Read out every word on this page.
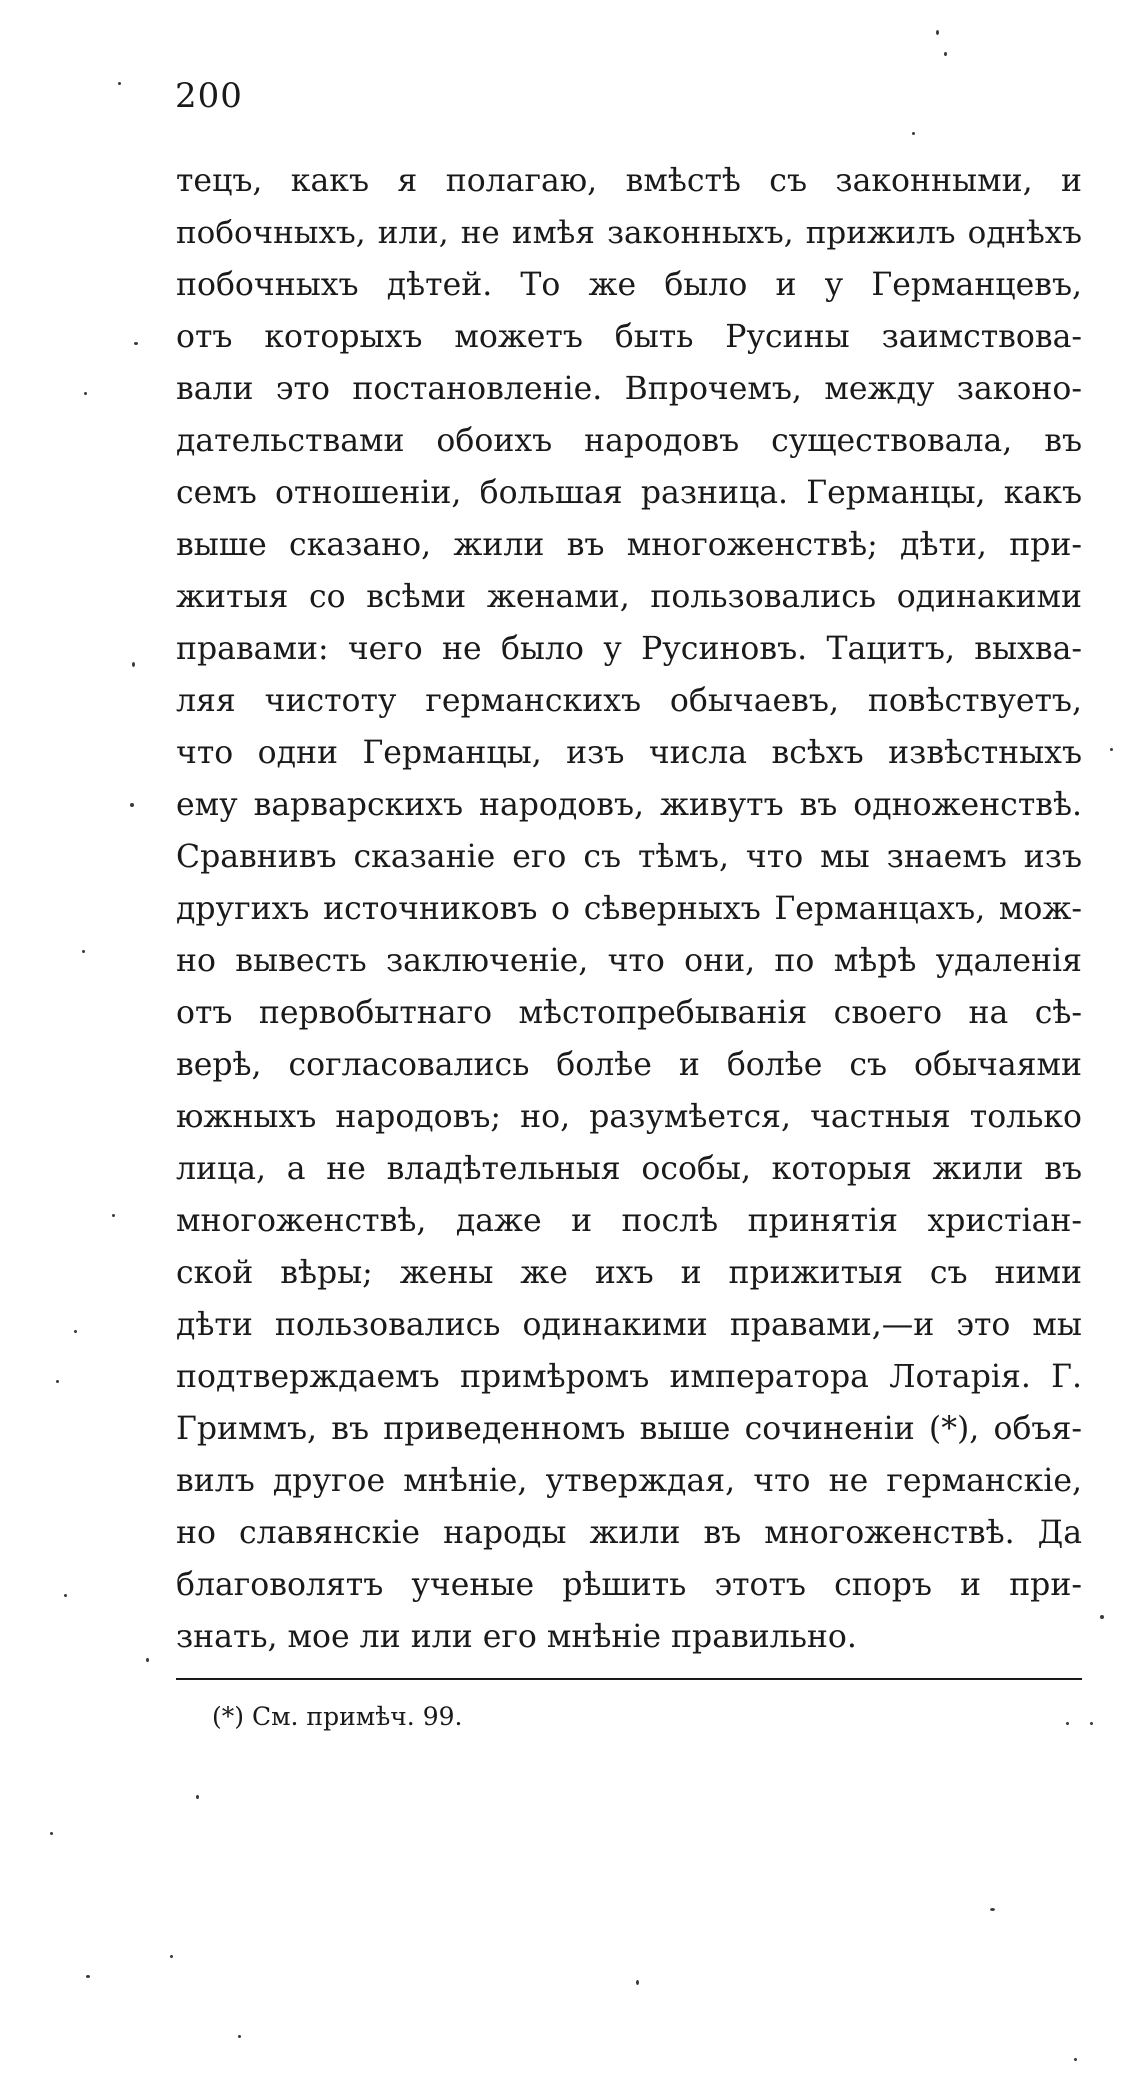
200
тецъ, какъ я полагаю, вмѣстѣ съ законными, и
побочныхъ, или, не имѣя законныхъ, прижилъ однѣхъ
побочныхъ дѣтей. То же было и у Германцевъ,
отъ которыхъ можетъ быть Русины заимствова-
вали это постановленіе. Впрочемъ, между законо-
дательствами обоихъ народовъ существовала, въ
семъ отношеніи, большая разница. Германцы, какъ
выше сказано, жили въ многоженствѣ; дѣти, при-
житыя со всѣми женами, пользовались одинакими
правами: чего не было у Русиновъ. Тацитъ, выхва-
ляя чистоту германскихъ обычаевъ, повѣствуетъ,
что одни Германцы, изъ числа всѣхъ извѣстныхъ
ему варварскихъ народовъ, живутъ въ одноженствѣ.
Сравнивъ сказаніе его съ тѣмъ, что мы знаемъ изъ
другихъ источниковъ о сѣверныхъ Германцахъ, мож-
но вывесть заключеніе, что они, по мѣрѣ удаленія
отъ первобытнаго мѣстопребыванія своего на сѣ-
верѣ, согласовались болѣе и болѣе съ обычаями
южныхъ народовъ; но, разумѣется, частныя только
лица, а не владѣтельныя особы, которыя жили въ
многоженствѣ, даже и послѣ принятія христіан-
ской вѣры; жены же ихъ и прижитыя съ ними
дѣти пользовались одинакими правами,—и это мы
подтверждаемъ примѣромъ императора Лотарія. Г.
Гриммъ, въ приведенномъ выше сочиненіи (*), объя-
вилъ другое мнѣніе, утверждая, что не германскіе,
но славянскіе народы жили въ многоженствѣ. Да
благоволятъ ученые рѣшить этотъ споръ и при-
знать, мое ли или его мнѣніе правильно.
(*) См. примѣч. 99.
